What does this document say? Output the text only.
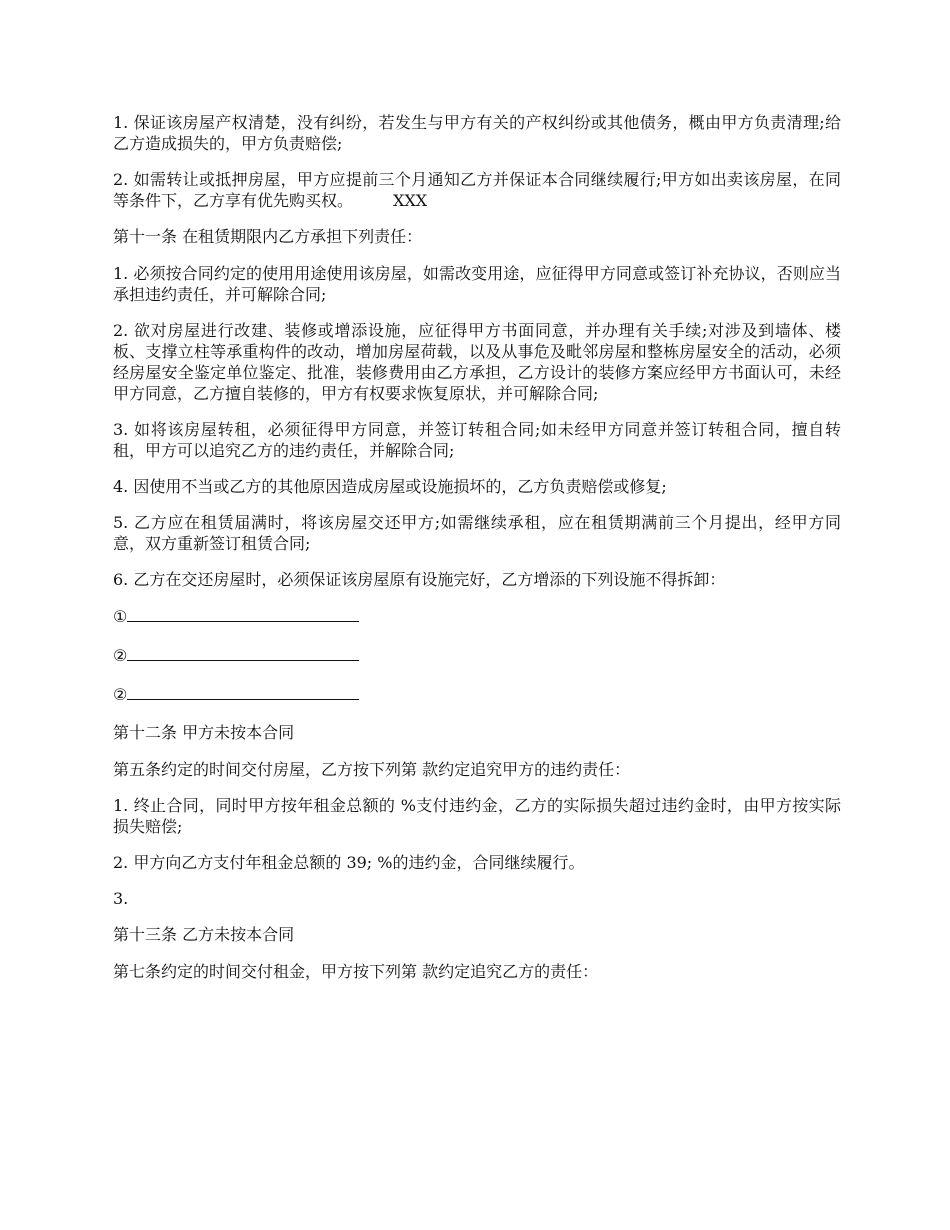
1. 保证该房屋产权清楚，没有纠纷，若发生与甲方有关的产权纠纷或其他债务，概由甲方负责清理;给乙方造成损失的，甲方负责赔偿;

2. 如需转让或抵押房屋，甲方应提前三个月通知乙方并保证本合同继续履行;甲方如出卖该房屋，在同等条件下，乙方享有优先购买权。	XXX

第十一条 在租赁期限内乙方承担下列责任：

1. 必须按合同约定的使用用途使用该房屋，如需改变用途，应征得甲方同意或签订补充协议，否则应当承担违约责任，并可解除合同;

2. 欲对房屋进行改建、装修或增添设施，应征得甲方书面同意，并办理有关手续;对涉及到墙体、楼板、支撑立柱等承重构件的改动，增加房屋荷载，以及从事危及毗邻房屋和整栋房屋安全的活动，必须经房屋安全鉴定单位鉴定、批准，装修费用由乙方承担，乙方设计的装修方案应经甲方书面认可，未经甲方同意，乙方擅自装修的，甲方有权要求恢复原状，并可解除合同;

3. 如将该房屋转租，必须征得甲方同意，并签订转租合同;如未经甲方同意并签订转租合同，擅自转租，甲方可以追究乙方的违约责任，并解除合同;

4. 因使用不当或乙方的其他原因造成房屋或设施损坏的，乙方负责赔偿或修复;

5. 乙方应在租赁届满时，将该房屋交还甲方;如需继续承租，应在租赁期满前三个月提出，经甲方同意，双方重新签订租赁合同;

6. 乙方在交还房屋时，必须保证该房屋原有设施完好，乙方增添的下列设施不得拆卸：

①
②
②

第十二条 甲方未按本合同

第五条约定的时间交付房屋，乙方按下列第 款约定追究甲方的违约责任：

1. 终止合同，同时甲方按年租金总额的 %支付违约金，乙方的实际损失超过违约金时，由甲方按实际损失赔偿;

2. 甲方向乙方支付年租金总额的 39; %的违约金，合同继续履行。

3.

第十三条 乙方未按本合同

第七条约定的时间交付租金，甲方按下列第 款约定追究乙方的责任：
